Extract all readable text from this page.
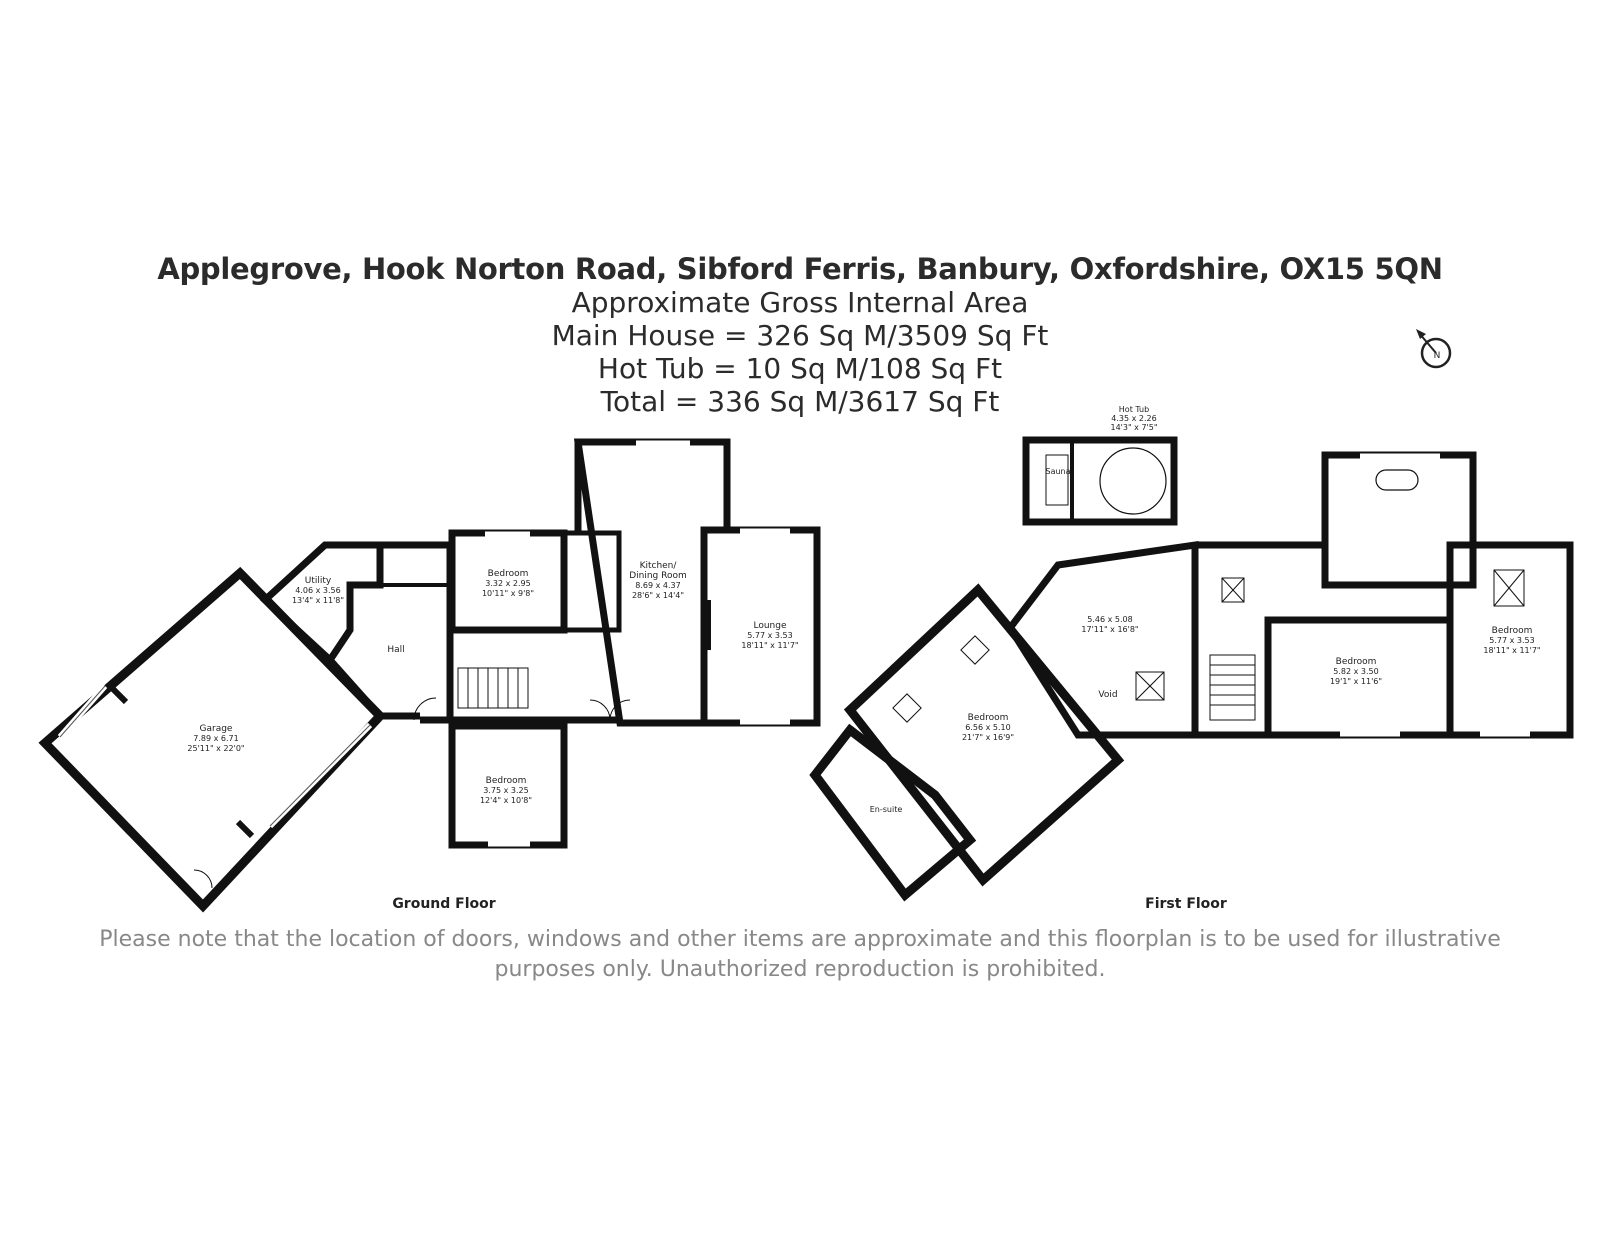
Applegrove, Hook Norton Road, Sibford Ferris, Banbury, Oxfordshire, OX15 5QN
Approximate Gross Internal Area
Main House = 326 Sq M/3509 Sq Ft
Hot Tub = 10 Sq M/108 Sq Ft
Total = 336 Sq M/3617 Sq Ft
N
Garage
7.89 x 6.71
25'11" x 22'0"
Utility
4.06 x 3.56
13'4" x 11'8"
Hall
Bedroom
3.32 x 2.95
10'11" x 9'8"
Kitchen/
Dining Room
8.69 x 4.37
28'6" x 14'4"
Lounge
5.77 x 3.53
18'11" x 11'7"
Bedroom
3.75 x 3.25
12'4" x 10'8"
Ground Floor
Hot Tub
4.35 x 2.26
14'3" x 7'5"
Sauna
5.46 x 5.08
17'11" x 16'8"
Void
Bedroom
6.56 x 5.10
21'7" x 16'9"
En-suite
Bedroom
5.82 x 3.50
19'1" x 11'6"
Bedroom
5.77 x 3.53
18'11" x 11'7"
First Floor
Please note that the location of doors, windows and other items are approximate and this floorplan is to be used for illustrative
purposes only. Unauthorized reproduction is prohibited.
